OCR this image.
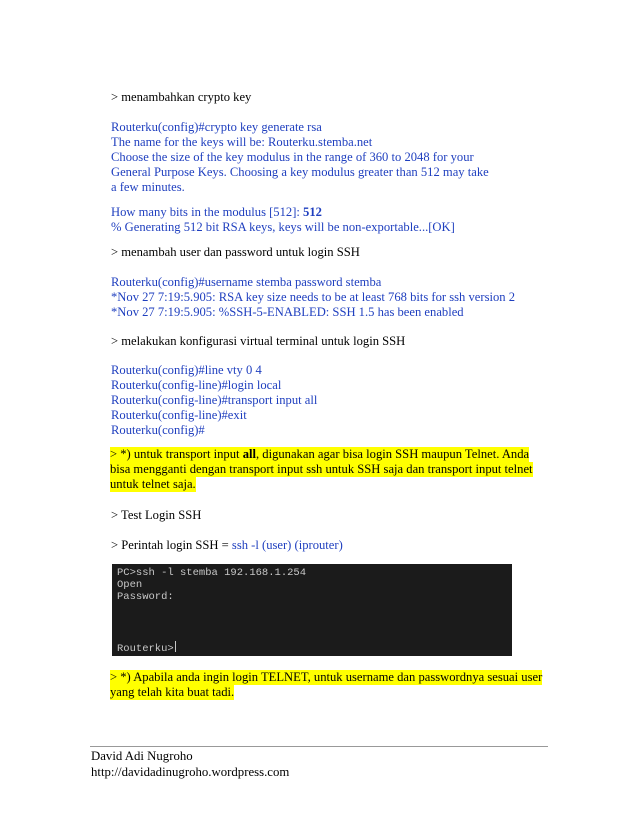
> menambahkan crypto key
Routerku(config)#crypto key generate rsa
The name for the keys will be: Routerku.stemba.net
Choose the size of the key modulus in the range of 360 to 2048 for your
General Purpose Keys. Choosing a key modulus greater than 512 may take
a few minutes.
How many bits in the modulus [512]: 512
% Generating 512 bit RSA keys, keys will be non-exportable...[OK]
> menambah user dan password untuk login SSH
Routerku(config)#username stemba password stemba
*Nov 27 7:19:5.905: RSA key size needs to be at least 768 bits for ssh version 2
*Nov 27 7:19:5.905: %SSH-5-ENABLED: SSH 1.5 has been enabled
> melakukan konfigurasi virtual terminal untuk login SSH
Routerku(config)#line vty 0 4
Routerku(config-line)#login local
Routerku(config-line)#transport input all
Routerku(config-line)#exit
Routerku(config)#
> *) untuk transport input all, digunakan agar bisa login SSH maupun Telnet. Anda
bisa mengganti dengan transport input ssh untuk SSH saja dan transport input telnet
untuk telnet saja.
> Test Login SSH
> Perintah login SSH = ssh -l (user) (iprouter)
PC>ssh -l stemba 192.168.1.254
Open
Password:
Routerku>
> *) Apabila anda ingin login TELNET, untuk username dan passwordnya sesuai user
yang telah kita buat tadi.
David Adi Nugroho
http://davidadinugroho.wordpress.com
